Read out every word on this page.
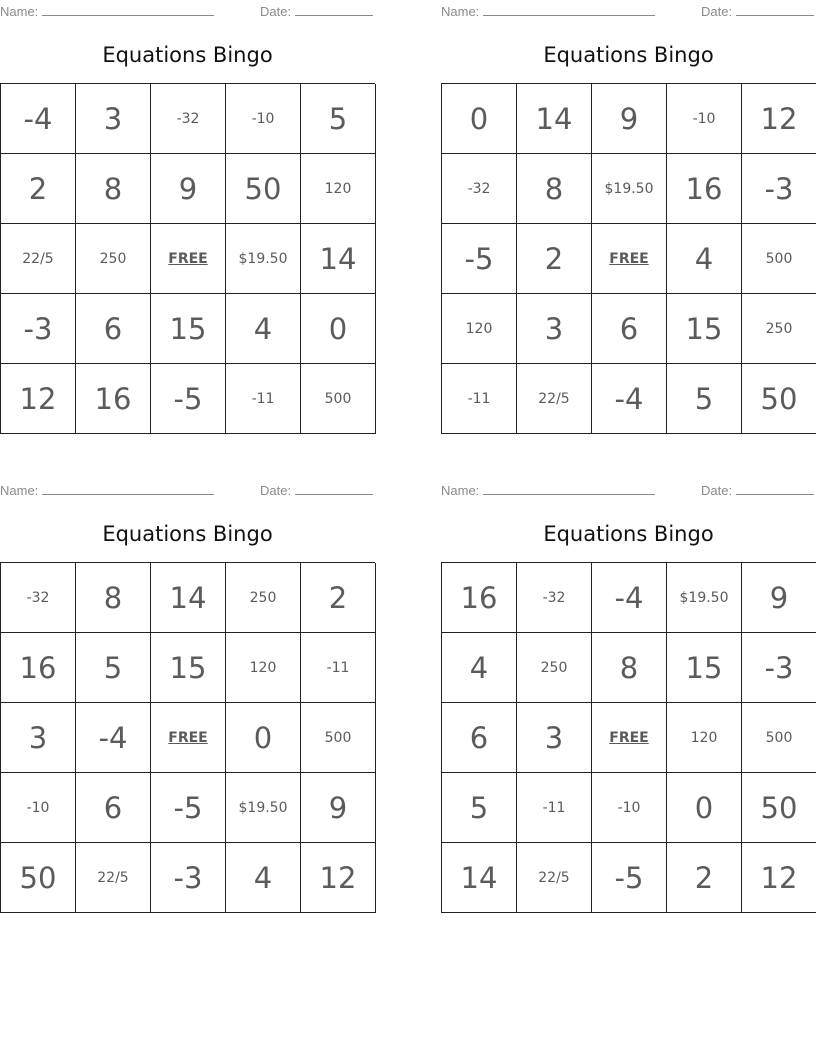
Name:	Date:
Equations Bingo
-4	3	-32	-10	5
2	8	9	50	120
22/5	250	FREE	$19.50	14
-3	6	15	4	0
12	16	-5	-11	500
Name:	Date:
Equations Bingo
0	14	9	-10	12
-32	8	$19.50	16	-3
-5	2	FREE	4	500
120	3	6	15	250
-11	22/5	-4	5	50
Name:	Date:
Equations Bingo
-32	8	14	250	2
16	5	15	120	-11
3	-4	FREE	0	500
-10	6	-5	$19.50	9
50	22/5	-3	4	12
Name:	Date:
Equations Bingo
16	-32	-4	$19.50	9
4	250	8	15	-3
6	3	FREE	120	500
5	-11	-10	0	50
14	22/5	-5	2	12
